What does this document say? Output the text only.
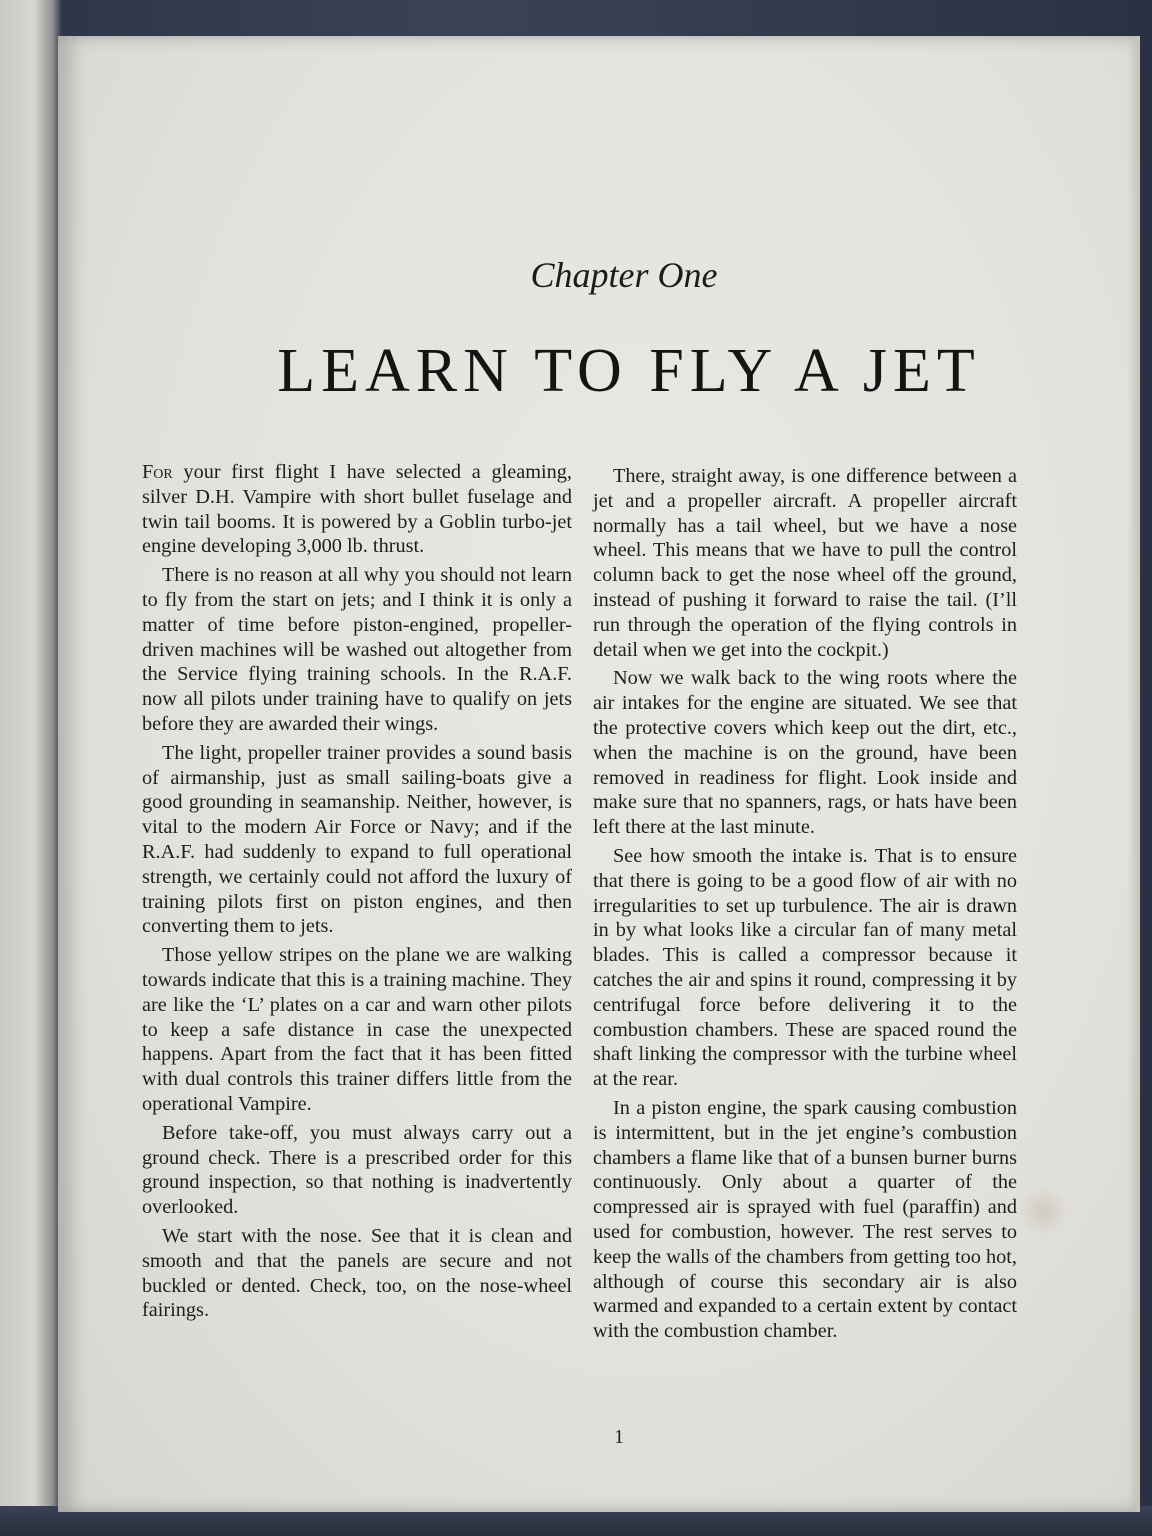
Chapter One
LEARN TO FLY A JET

For your first flight I have selected a gleaming, silver D.H. Vampire with short bullet fuselage and twin tail booms. It is powered by a Goblin turbo-jet engine developing 3,000 lb. thrust.

There is no reason at all why you should not learn to fly from the start on jets; and I think it is only a matter of time before piston-engined, propeller-driven machines will be washed out altogether from the Service flying training schools. In the R.A.F. now all pilots under training have to qualify on jets before they are awarded their wings.

The light, propeller trainer provides a sound basis of airmanship, just as small sailing-boats give a good grounding in seamanship. Neither, however, is vital to the modern Air Force or Navy; and if the R.A.F. had suddenly to expand to full operational strength, we certainly could not afford the luxury of training pilots first on piston engines, and then converting them to jets.

Those yellow stripes on the plane we are walking towards indicate that this is a training machine. They are like the ‘L’ plates on a car and warn other pilots to keep a safe distance in case the unexpected happens. Apart from the fact that it has been fitted with dual controls this trainer differs little from the operational Vampire.

Before take-off, you must always carry out a ground check. There is a prescribed order for this ground inspection, so that nothing is inadvertently overlooked.

We start with the nose. See that it is clean and smooth and that the panels are secure and not buckled or dented. Check, too, on the nose-wheel fairings.

There, straight away, is one difference between a jet and a propeller aircraft. A propeller aircraft normally has a tail wheel, but we have a nose wheel. This means that we have to pull the control column back to get the nose wheel off the ground, instead of pushing it forward to raise the tail. (I’ll run through the operation of the flying controls in detail when we get into the cockpit.)

Now we walk back to the wing roots where the air intakes for the engine are situated. We see that the protective covers which keep out the dirt, etc., when the machine is on the ground, have been removed in readiness for flight. Look inside and make sure that no spanners, rags, or hats have been left there at the last minute.

See how smooth the intake is. That is to ensure that there is going to be a good flow of air with no irregularities to set up turbulence. The air is drawn in by what looks like a circular fan of many metal blades. This is called a compressor because it catches the air and spins it round, compressing it by centrifugal force before delivering it to the combustion chambers. These are spaced round the shaft linking the compressor with the turbine wheel at the rear.

In a piston engine, the spark causing combustion is intermittent, but in the jet engine’s combustion chambers a flame like that of a bunsen burner burns continuously. Only about a quarter of the compressed air is sprayed with fuel (paraffin) and used for combustion, however. The rest serves to keep the walls of the chambers from getting too hot, although of course this secondary air is also warmed and expanded to a certain extent by contact with the combustion chamber.

1
